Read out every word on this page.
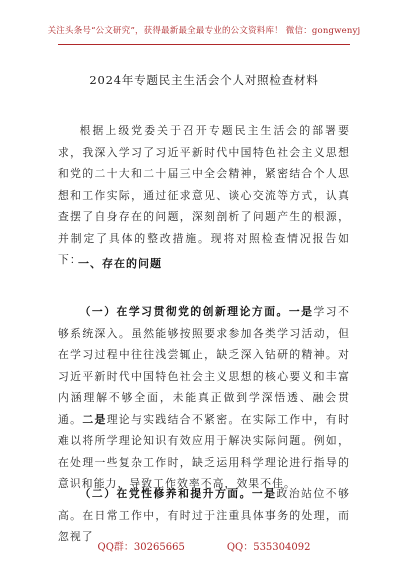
关注头条号“公文研究”，获得最新最全最专业的公文资料库！ 微信：gongwenyj
2024年专题民主生活会个人对照检查材料
根据上级党委关于召开专题民主生活会的部署要求，我深入学习了习近平新时代中国特色社会主义思想和党的二十大和二十届三中全会精神，紧密结合个人思想和工作实际，通过征求意见、谈心交流等方式，认真查摆了自身存在的问题，深刻剖析了问题产生的根源，并制定了具体的整改措施。现将对照检查情况报告如下：
一、存在的问题
（一）在学习贯彻党的创新理论方面。一是学习不够系统深入。虽然能够按照要求参加各类学习活动，但在学习过程中往往浅尝辄止，缺乏深入钻研的精神。对习近平新时代中国特色社会主义思想的核心要义和丰富内涵理解不够全面，未能真正做到学深悟透、融会贯通。二是理论与实践结合不紧密。在实际工作中，有时难以将所学理论知识有效应用于解决实际问题。例如，在处理一些复杂工作时，缺乏运用科学理论进行指导的意识和能力，导致工作效率不高，效果不佳。
（二）在党性修养和提升方面。一是政治站位不够高。在日常工作中，有时过于注重具体事务的处理，而忽视了
QQ群：30265665	QQ：535304092
